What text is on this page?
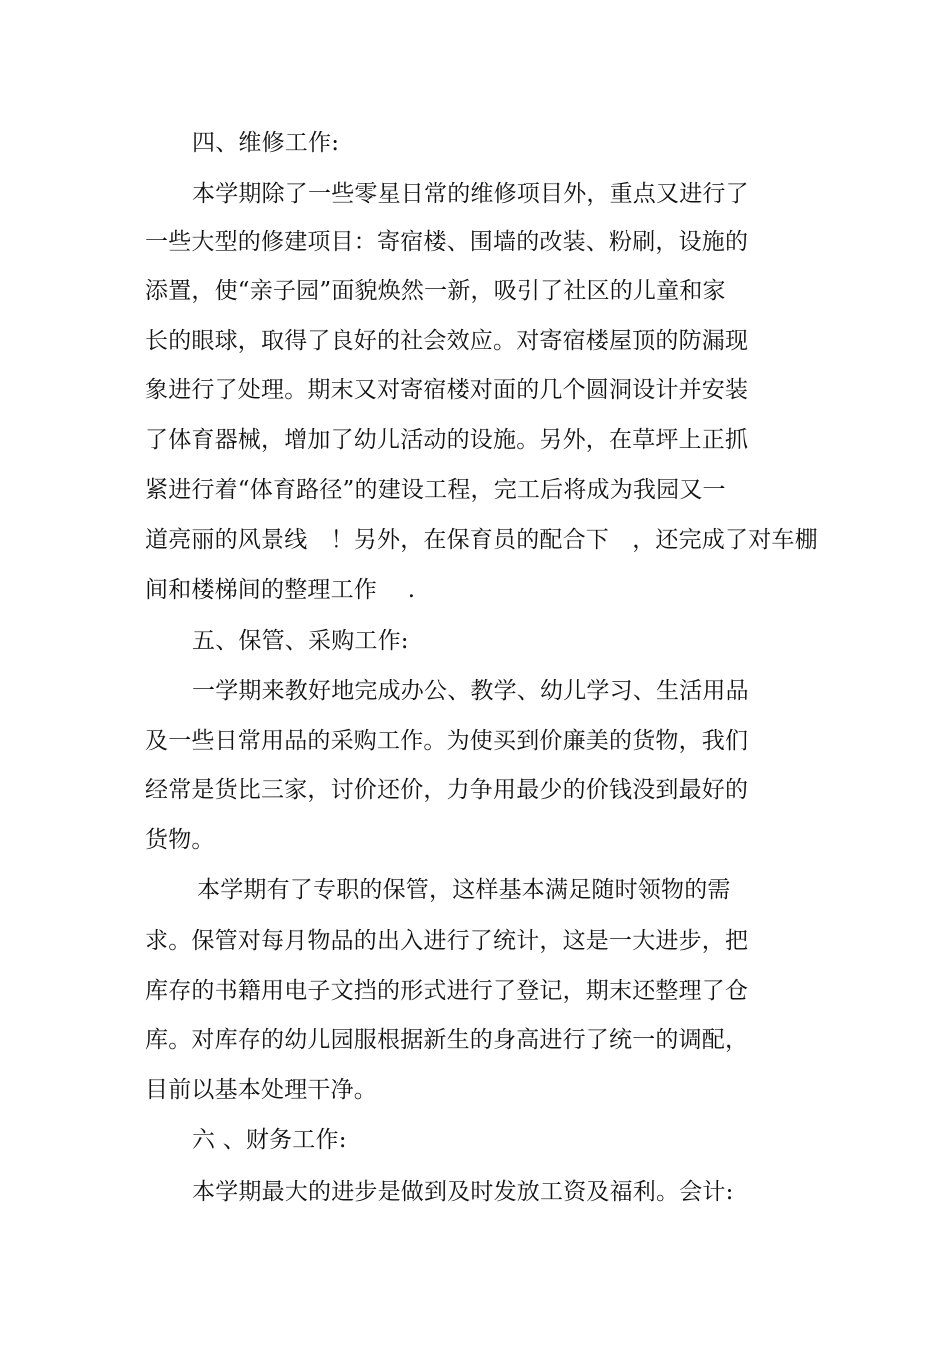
四、维修工作:
本学期除了一些零星日常的维修项目外，重点又进行了
一些大型的修建项目：寄宿楼、围墙的改装、粉刷，设施的
添置，使“亲子园”面貌焕然一新，吸引了社区的儿童和家
长的眼球，取得了良好的社会效应。对寄宿楼屋顶的防漏现
象进行了处理。期末又对寄宿楼对面的几个圆洞设计并安装
了体育器械，增加了幼儿活动的设施。另外，在草坪上正抓
紧进行着“体育路径”的建设工程，完工后将成为我园又一
道亮丽的风景线　！另外，在保育员的配合下　，还完成了对车棚
间和楼梯间的整理工作　 .
五、保管、采购工作:
一学期来教好地完成办公、教学、幼儿学习、生活用品
及一些日常用品的采购工作。为使买到价廉美的货物，我们
经常是货比三家，讨价还价，力争用最少的价钱没到最好的
货物。
本学期有了专职的保管，这样基本满足随时领物的需
求。保管对每月物品的出入进行了统计，这是一大进步，把
库存的书籍用电子文挡的形式进行了登记，期末还整理了仓
库。对库存的幼儿园服根据新生的身高进行了统一的调配，
目前以基本处理干净。
六 、财务工作:
本学期最大的进步是做到及时发放工资及福利。会计:
